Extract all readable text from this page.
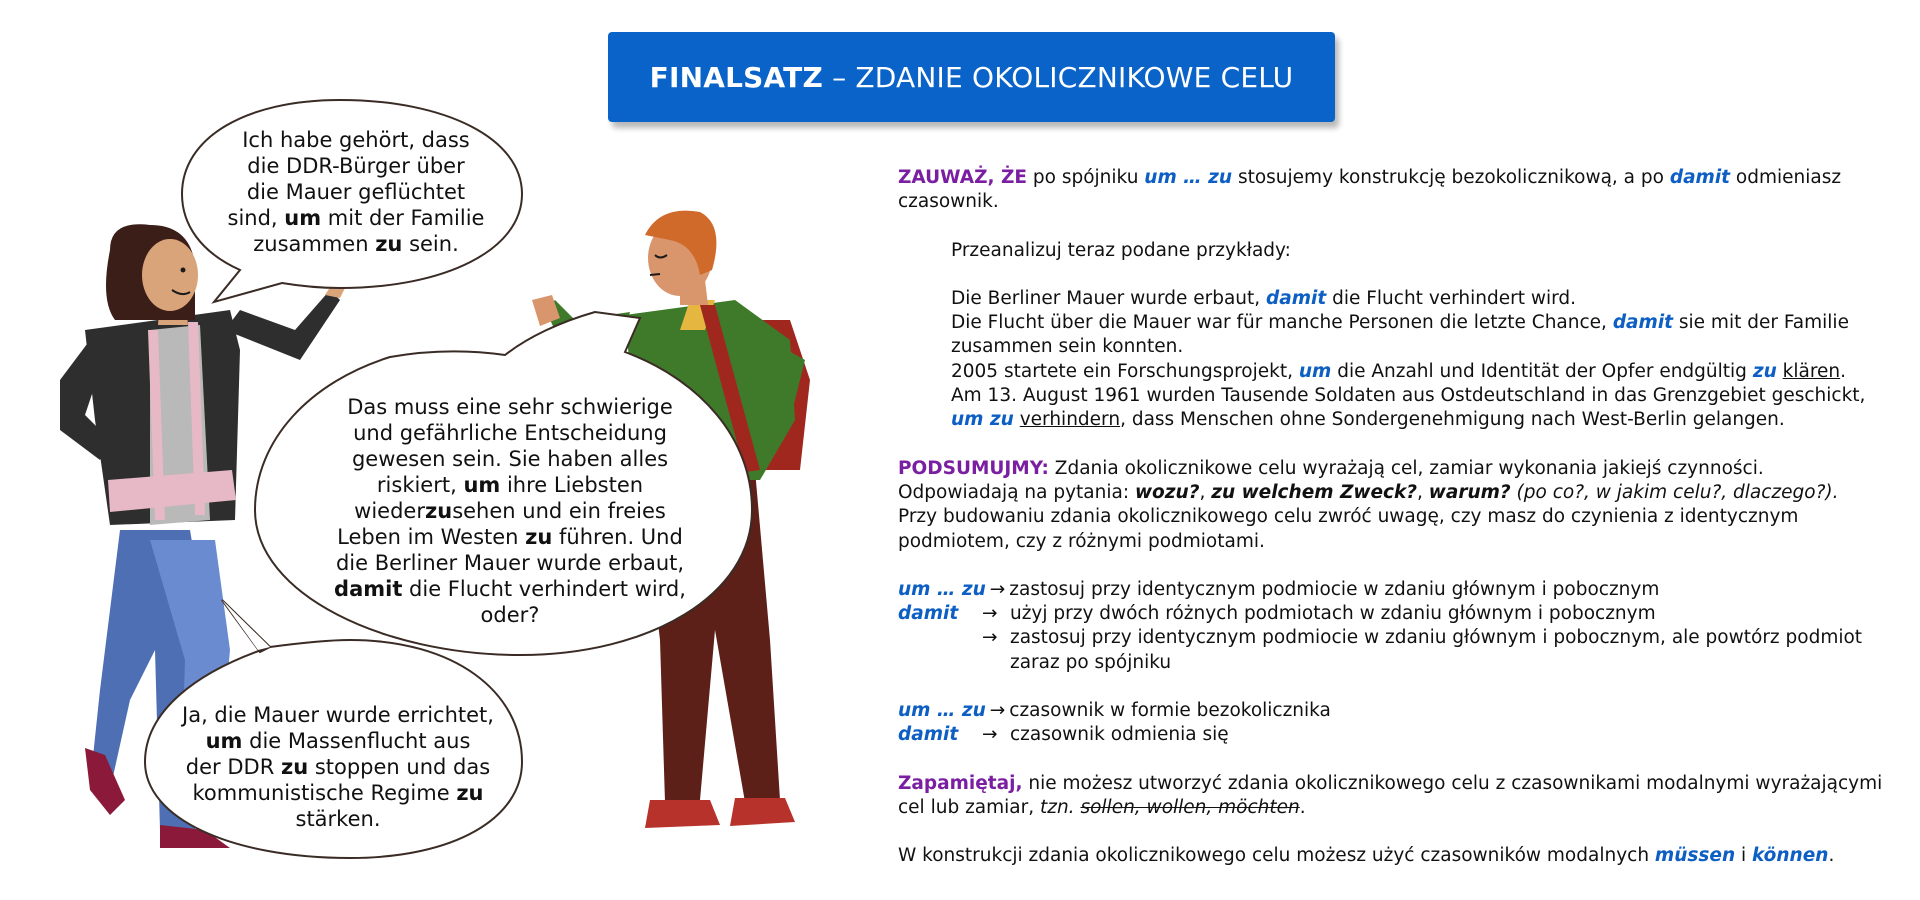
Ich habe gehört, dass
die DDR-Bürger über
die Mauer geflüchtet
sind, um mit der Familie
zusammen zu sein.
Das muss eine sehr schwierige
und gefährliche Entscheidung
gewesen sein. Sie haben alles
riskiert, um ihre Liebsten
wiederzusehen und ein freies
Leben im Westen zu führen. Und
die Berliner Mauer wurde erbaut,
damit die Flucht verhindert wird,
oder?
Ja, die Mauer wurde errichtet,
um die Massenflucht aus
der DDR zu stoppen und das
kommunistische Regime zu
stärken.
FINALSATZ – ZDANIE OKOLICZNIKOWE CELU

ZAUWAŻ, ŻE po spójniku um … zu stosujemy konstrukcję bezokolicznikową, a po damit odmieniasz czasownik.

Przeanalizuj teraz podane przykłady:

Die Berliner Mauer wurde erbaut, damit die Flucht verhindert wird.

Die Flucht über die Mauer war für manche Personen die letzte Chance, damit sie mit der Familie zusammen sein konnten.

2005 startete ein Forschungsprojekt, um die Anzahl und Identität der Opfer endgültig zu klären.

Am 13. August 1961 wurden Tausende Soldaten aus Ostdeutschland in das Grenzgebiet geschickt, um zu verhindern, dass Menschen ohne Sondergenehmigung nach West-Berlin gelangen.

PODSUMUJMY: Zdania okolicznikowe celu wyrażają cel, zamiar wykonania jakiejś czynności.

Odpowiadają na pytania: wozu?, zu welchem Zweck?, warum? (po co?, w jakim celu?, dlaczego?).

Przy budowaniu zdania okolicznikowego celu zwróć uwagę, czy masz do czynienia z identycznym podmiotem, czy z różnymi podmiotami.

um … zu → zastosuj przy identycznym podmiocie w zdaniu głównym i pobocznym
damit	→ użyj przy dwóch różnych podmiotach w zdaniu głównym i pobocznym
→ zastosuj przy identycznym podmiocie w zdaniu głównym i pobocznym, ale powtórz podmiot zaraz po spójniku
um … zu → czasownik w formie bezokolicznika
damit	→ czasownik odmienia się

Zapamiętaj, nie możesz utworzyć zdania okolicznikowego celu z czasownikami modalnymi wyrażającymi cel lub zamiar, tzn. sollen, wollen, möchten.

W konstrukcji zdania okolicznikowego celu możesz użyć czasowników modalnych müssen i können.
